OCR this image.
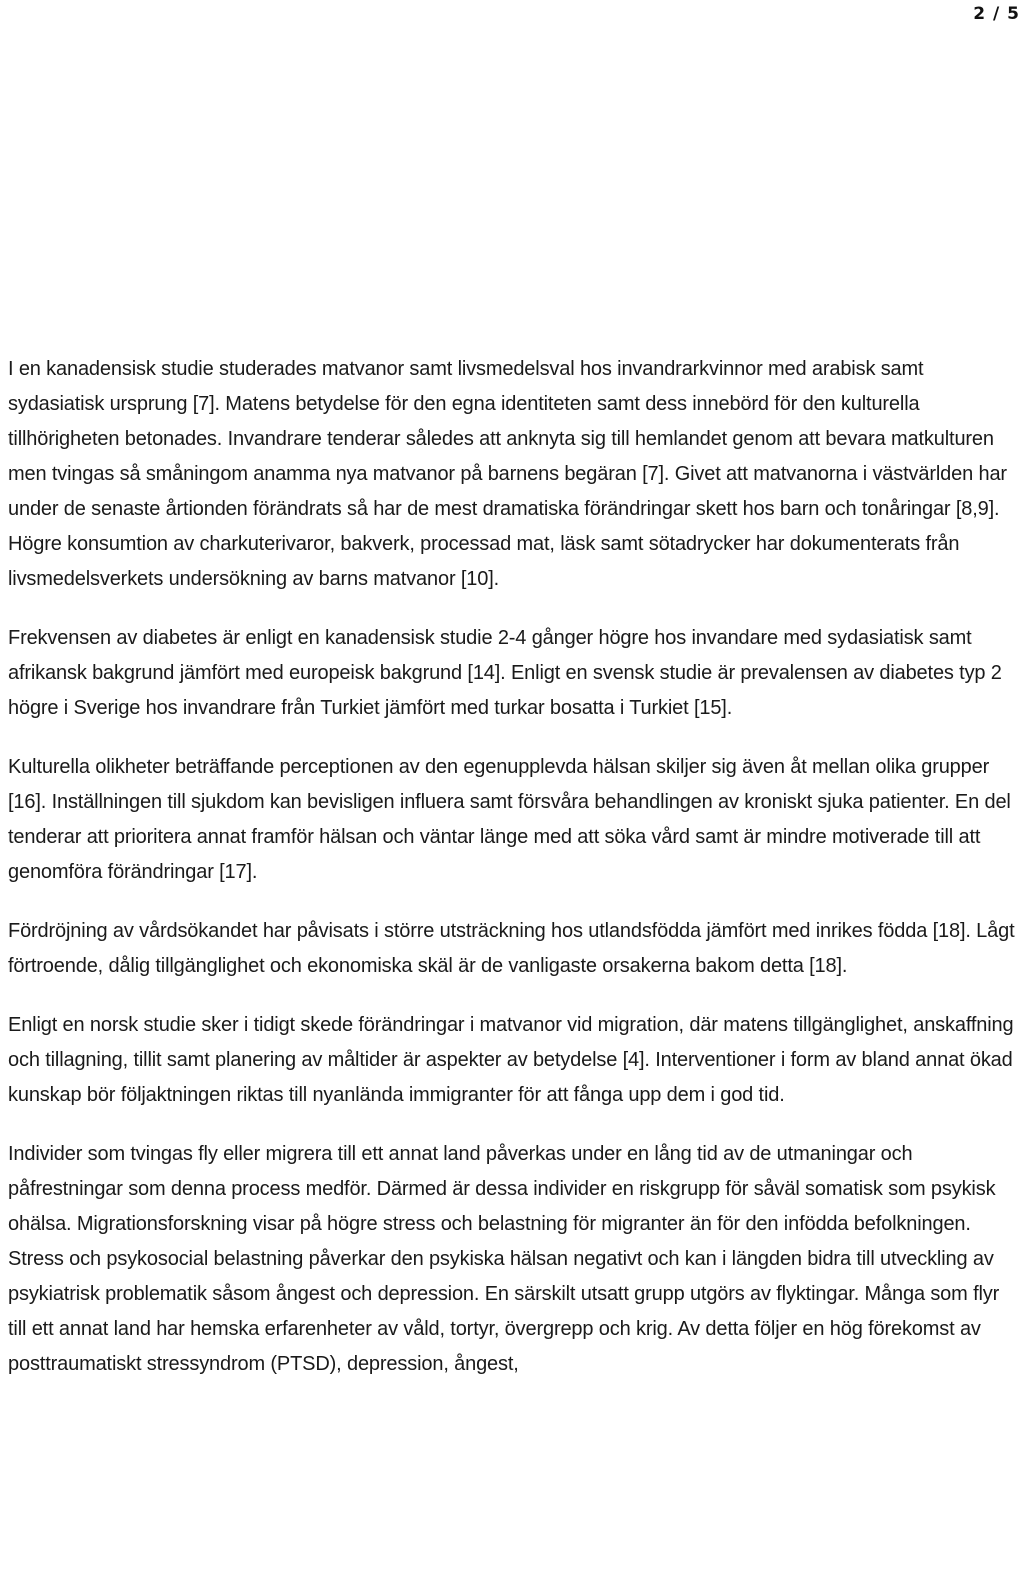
2 / 5

I en kanadensisk studie studerades matvanor samt livsmedelsval hos invandrarkvinnor med arabisk samt sydasiatisk ursprung [7]. Matens betydelse för den egna identiteten samt dess innebörd för den kulturella tillhörigheten betonades. Invandrare tenderar således att anknyta sig till hemlandet genom att bevara matkulturen men tvingas så småningom anamma nya matvanor på barnens begäran [7]. Givet att matvanorna i västvärlden har under de senaste årtionden förändrats så har de mest dramatiska förändringar skett hos barn och tonåringar [8,9]. Högre konsumtion av charkuterivaror, bakverk, processad mat, läsk samt sötadrycker har dokumenterats från livsmedelsverkets undersökning av barns matvanor [10].

Frekvensen av diabetes är enligt en kanadensisk studie 2-4 gånger högre hos invandare med sydasiatisk samt afrikansk bakgrund jämfört med europeisk bakgrund [14]. Enligt en svensk studie är prevalensen av diabetes typ 2 högre i Sverige hos invandrare från Turkiet jämfört med turkar bosatta i Turkiet [15].

Kulturella olikheter beträffande perceptionen av den egenupplevda hälsan skiljer sig även åt mellan olika grupper [16]. Inställningen till sjukdom kan bevisligen influera samt försvåra behandlingen av kroniskt sjuka patienter. En del tenderar att prioritera annat framför hälsan och väntar länge med att söka vård samt är mindre motiverade till att genomföra förändringar [17].

Fördröjning av vårdsökandet har påvisats i större utsträckning hos utlandsfödda jämfört med inrikes födda [18]. Lågt förtroende, dålig tillgänglighet och ekonomiska skäl är de vanligaste orsakerna bakom detta [18].

Enligt en norsk studie sker i tidigt skede förändringar i matvanor vid migration, där matens tillgänglighet, anskaffning och tillagning, tillit samt planering av måltider är aspekter av betydelse [4]. Interventioner i form av bland annat ökad kunskap bör följaktningen riktas till nyanlända immigranter för att fånga upp dem i god tid.

Individer som tvingas fly eller migrera till ett annat land påverkas under en lång tid av de utmaningar och påfrestningar som denna process medför. Därmed är dessa individer en riskgrupp för såväl somatisk som psykisk ohälsa. Migrationsforskning visar på högre stress och belastning för migranter än för den infödda befolkningen. Stress och psykosocial belastning påverkar den psykiska hälsan negativt och kan i längden bidra till utveckling av psykiatrisk problematik såsom ångest och depression. En särskilt utsatt grupp utgörs av flyktingar. Många som flyr till ett annat land har hemska erfarenheter av våld, tortyr, övergrepp och krig. Av detta följer en hög förekomst av posttraumatiskt stressyndrom (PTSD), depression, ångest,
